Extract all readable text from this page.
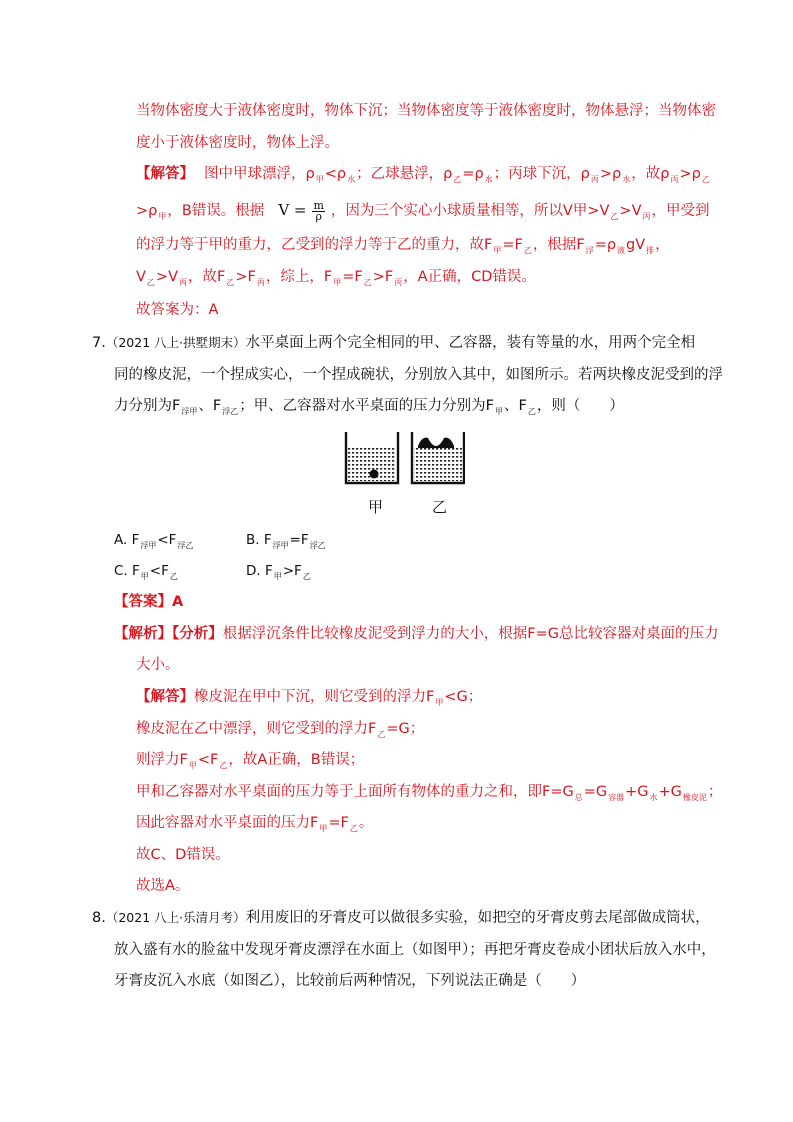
当物体密度大于液体密度时，物体下沉；当物体密度等于液体密度时，物体悬浮；当物体密
度小于液体密度时，物体上浮。
【解答】 图中甲球漂浮，$\rho_甲<\rho_水$；乙球悬浮，$\rho_乙=\rho_水$；丙球下沉，$\rho_丙>\rho_水$，故$\rho_丙>\rho_乙$
$>\rho_甲$，B错误。根据 $V = \frac{m}{\rho}$ ，因为三个实心小球质量相等，所以V甲$>V_乙>V_丙$，甲受到
的浮力等于甲的重力，乙受到的浮力等于乙的重力，故$F_甲=F_乙$，根据$F_浮=\rho_液gV_排$，
$V_乙>V_丙$，故$F_乙>F_丙$，综上，$F_甲=F_乙>F_丙$，A正确，CD错误。
故答案为：A
7.（2021 八上·拱墅期末）水平桌面上两个完全相同的甲、乙容器，装有等量的水，用两个完全相
同的橡皮泥，一个捏成实心，一个捏成碗状，分别放入其中，如图所示。若两块橡皮泥受到的浮
力分别为$F_{浮甲}$、$F_{浮乙}$；甲、乙容器对水平桌面的压力分别为$F_甲$、$F_乙$，则（　　）
甲	乙
A. $F_{浮甲}<F_{浮乙}$	B. $F_{浮甲}=F_{浮乙}$
C. $F_甲<F_乙$	D. $F_甲>F_乙$
【答案】A
【解析】【分析】根据浮沉条件比较橡皮泥受到浮力的大小，根据F=G总比较容器对桌面的压力
大小。
【解答】橡皮泥在甲中下沉，则它受到的浮力$F_甲<G$；
橡皮泥在乙中漂浮，则它受到的浮力$F_乙=G$；
则浮力$F_甲<F_乙$，故A正确，B错误；
甲和乙容器对水平桌面的压力等于上面所有物体的重力之和，即$F=G_总=G_{容器}+G_水+G_{橡皮泥}$；
因此容器对水平桌面的压力$F_甲=F_乙$。
故C、D错误。
故选A。
8.（2021 八上·乐清月考）利用废旧的牙膏皮可以做很多实验，如把空的牙膏皮剪去尾部做成筒状，
放入盛有水的脸盆中发现牙膏皮漂浮在水面上（如图甲）；再把牙膏皮卷成小团状后放入水中，
牙膏皮沉入水底（如图乙），比较前后两种情况，下列说法正确是（　　）
